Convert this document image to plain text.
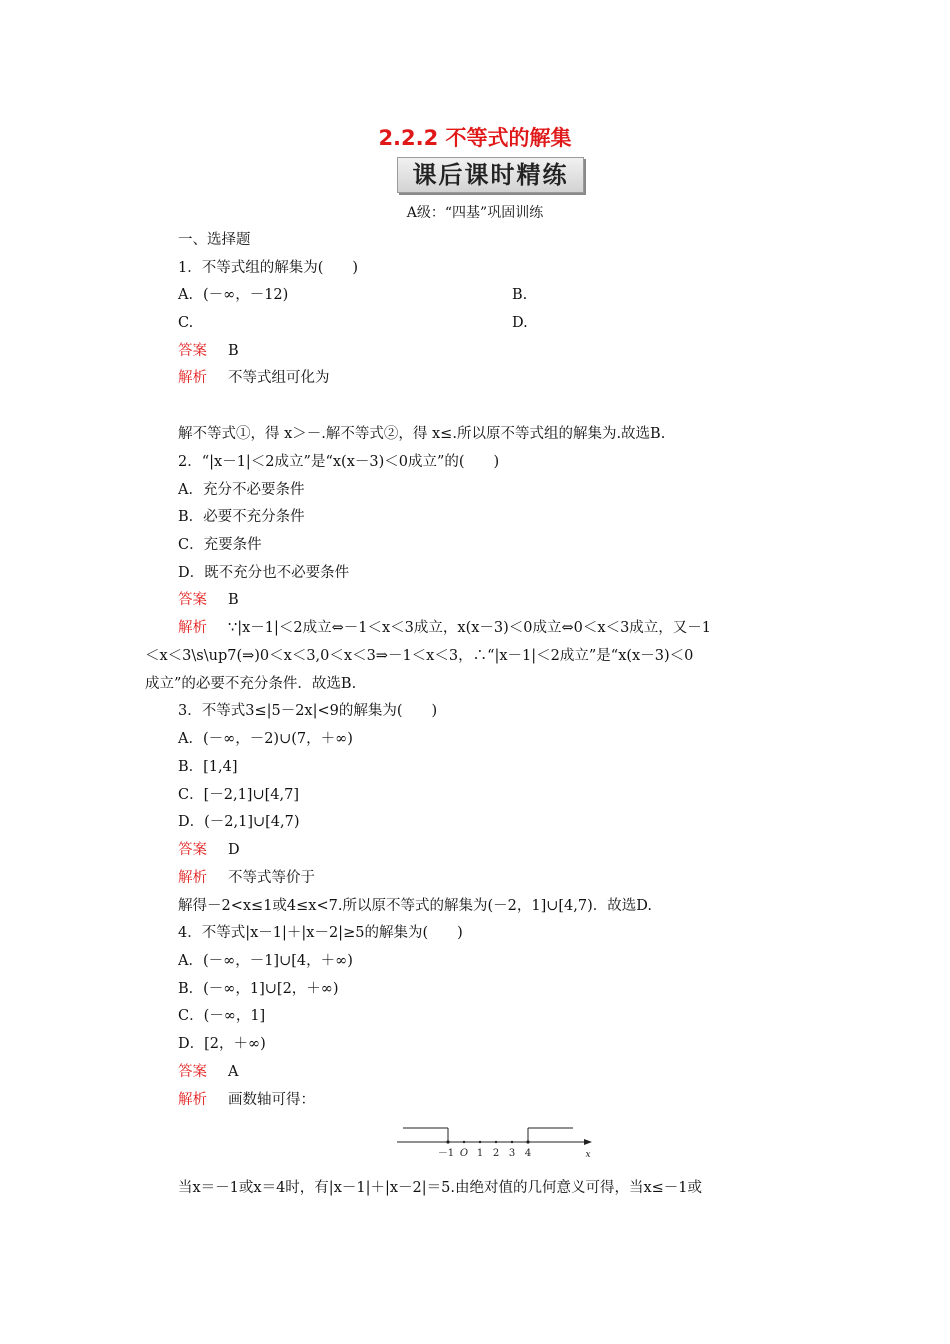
2.2.2 不等式的解集
课后课时精练
A级：“四基”巩固训练
一、选择题
1．不等式组的解集为(　　)
A．(－∞，－12)	B.
C.	D.
答案 B
解析 不等式组可化为
解不等式①，得 x＞－.解不等式②，得 x≤.所以原不等式组的解集为.故选B.
2．“|x－1|＜2成立”是“x(x－3)＜0成立”的(　　)
A．充分不必要条件
B．必要不充分条件
C．充要条件
D．既不充分也不必要条件
答案 B
解析 ∵|x－1|＜2成立⇔－1＜x＜3成立，x(x－3)＜0成立⇔0＜x＜3成立，又－1
＜x＜3\s\up7(⇒)0＜x＜3,0＜x＜3⇒－1＜x＜3，∴“|x－1|＜2成立”是“x(x－3)＜0
成立”的必要不充分条件．故选B.
3．不等式3≤|5－2x|<9的解集为(　　)
A．(－∞，－2)∪(7，＋∞)
B．[1,4]
C．[－2,1]∪[4,7]
D．(－2,1]∪[4,7)
答案 D
解析 不等式等价于
解得－2<x≤1或4≤x<7.所以原不等式的解集为(－2，1]∪[4,7)．故选D.
4．不等式|x－1|＋|x－2|≥5的解集为(　　)
A．(－∞，－1]∪[4，＋∞)
B．(－∞，1]∪[2，＋∞)
C．(－∞，1]
D．[2，＋∞)
答案 A
解析 画数轴可得：
－1 O 1 2 3 4	x
当x＝－1或x＝4时，有|x－1|＋|x－2|＝5.由绝对值的几何意义可得，当x≤－1或
